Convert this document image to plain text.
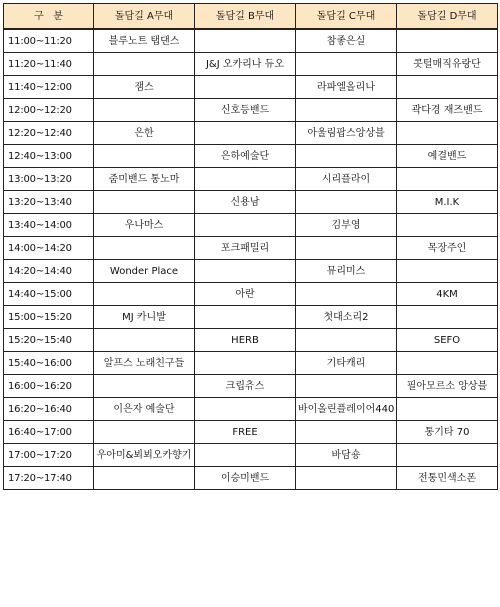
구   분	돌담길 A무대	돌담길 B무대	돌담길 C무대	돌담길 D무대
11:00~11:20	블루노트 탭댄스		참좋은실	
11:20~11:40		J&J 오카리나 듀오		콧털매직유랑단
11:40~12:00	잼스		라파엘올리나	
12:00~12:20		신호등밴드		곽다경 재즈밴드
12:20~12:40	은한		아울림팝스앙상블	
12:40~13:00		은하예술단		예결밴드
13:00~13:20	줌미밴드 통노마		시리플라이	
13:20~13:40		신용남		M.I.K
13:40~14:00	우나마스		김부영	
14:00~14:20		포크패밀리		목장주인
14:20~14:40	Wonder Place		뮤리미스	
14:40~15:00		아란		4KM
15:00~15:20	MJ 카니발		첫대소리2	
15:20~15:40		HERB		SEFO
15:40~16:00	알프스 노래친구들		기타캐리	
16:00~16:20		크립츄스		필아모르소 앙상블
16:20~16:40	이은자 예술단		바이올린플레이어440	
16:40~17:00		FREE		통기타 70
17:00~17:20	우아미&뵈뵈오카향기		바담숑	
17:20~17:40		이승미밴드		전통민색소폰
